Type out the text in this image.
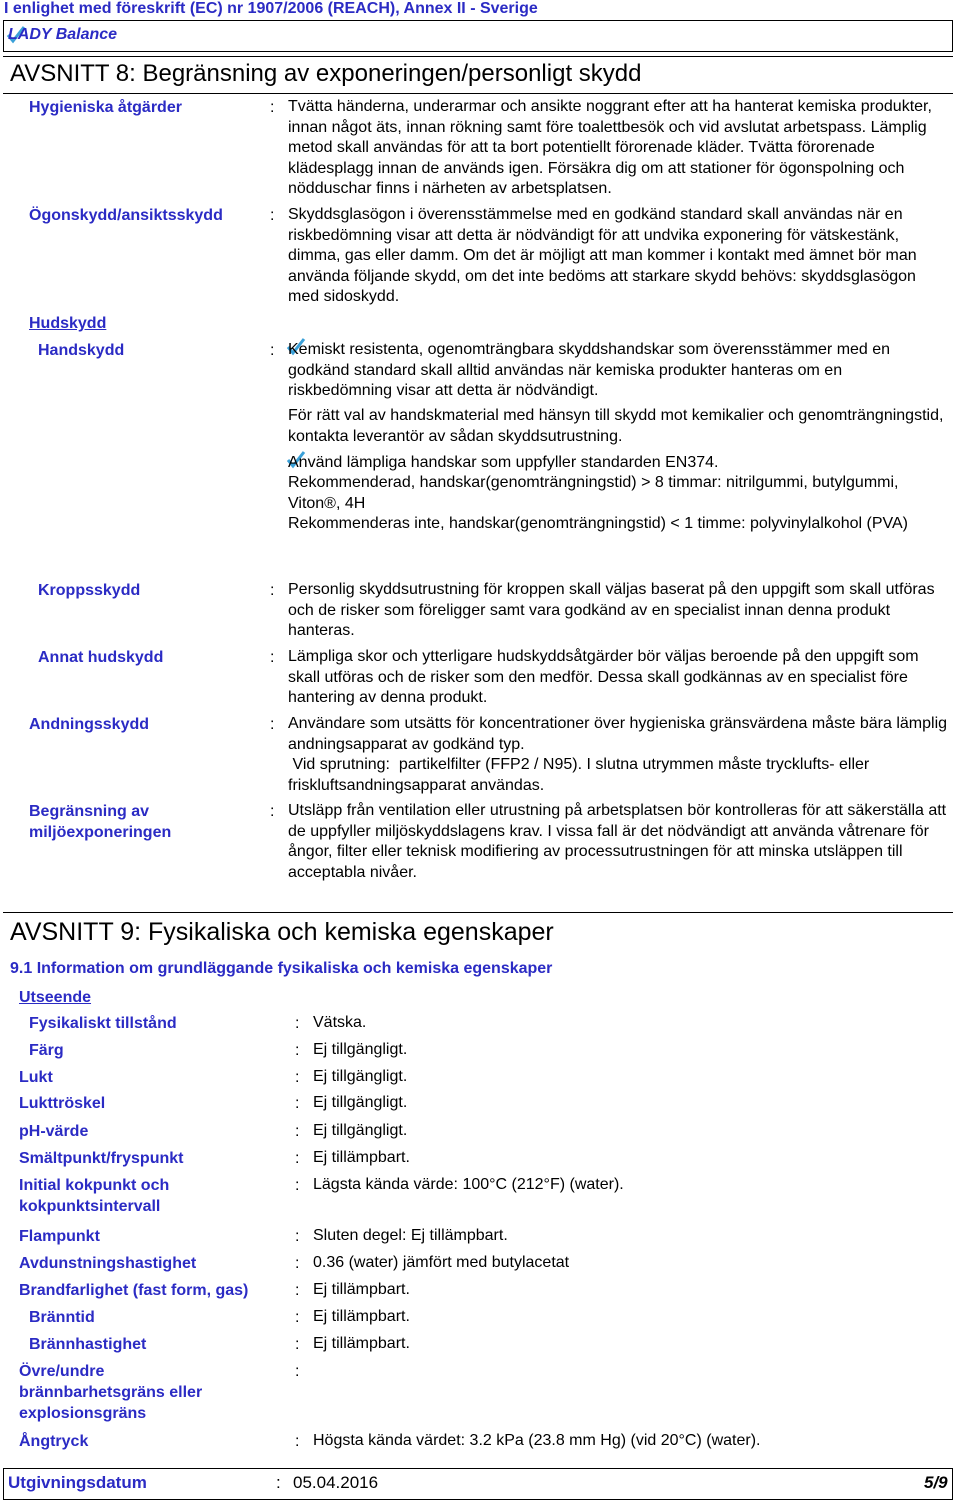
I enlighet med föreskrift (EC) nr 1907/2006 (REACH), Annex II - Sverige
LADY Balance
AVSNITT 8: Begränsning av exponeringen/personligt skydd
Hygieniska åtgärder	: Tvätta händerna, underarmar och ansikte noggrant efter att ha hanterat kemiska produkter, innan något äts, innan rökning samt före toalettbesök och vid avslutat arbetspass. Lämplig metod skall användas för att ta bort potentiellt förorenade kläder. Tvätta förorenade klädesplagg innan de används igen. Försäkra dig om att stationer för ögonspolning och nödduschar finns i närheten av arbetsplatsen.
Ögonskydd/ansiktsskydd	: Skyddsglasögon i överensstämmelse med en godkänd standard skall användas när en riskbedömning visar att detta är nödvändigt för att undvika exponering för vätskestänk, dimma, gas eller damm. Om det är möjligt att man kommer i kontakt med ämnet bör man använda följande skydd, om det inte bedöms att starkare skydd behövs: skyddsglasögon med sidoskydd.
Hudskydd
Handskydd	: Kemiskt resistenta, ogenomträngbara skyddshandskar som överensstämmer med en godkänd standard skall alltid användas när kemiska produkter hanteras om en riskbedömning visar att detta är nödvändigt.
För rätt val av handskmaterial med hänsyn till skydd mot kemikalier och genomträngningstid, kontakta leverantör av sådan skyddsutrustning.
Använd lämpliga handskar som uppfyller standarden EN374.
Rekommenderad, handskar(genomträngningstid) > 8 timmar: nitrilgummi, butylgummi, Viton®, 4H
Rekommenderas inte, handskar(genomträngningstid) < 1 timme: polyvinylalkohol (PVA)
Kroppsskydd	: Personlig skyddsutrustning för kroppen skall väljas baserat på den uppgift som skall utföras och de risker som föreligger samt vara godkänd av en specialist innan denna produkt hanteras.
Annat hudskydd	: Lämpliga skor och ytterligare hudskyddsåtgärder bör väljas beroende på den uppgift som skall utföras och de risker som den medför. Dessa skall godkännas av en specialist före hantering av denna produkt.
Andningsskydd	: Användare som utsätts för koncentrationer över hygieniska gränsvärdena måste bära lämplig andningsapparat av godkänd typ.
Vid sprutning:  partikelfilter (FFP2 / N95). I slutna utrymmen måste trycklufts- eller friskluftsandningsapparat användas.
Begränsning av miljöexponeringen
: Utsläpp från ventilation eller utrustning på arbetsplatsen bör kontrolleras för att säkerställa att de uppfyller miljöskyddslagens krav. I vissa fall är det nödvändigt att använda våtrenare för ångor, filter eller teknisk modifiering av processutrustningen för att minska utsläppen till acceptabla nivåer.
AVSNITT 9: Fysikaliska och kemiska egenskaper
9.1 Information om grundläggande fysikaliska och kemiska egenskaper
Utseende
Fysikaliskt tillstånd	: Vätska.
Färg	: Ej tillgängligt.
Lukt	: Ej tillgängligt.
Lukttröskel	: Ej tillgängligt.
pH-värde	: Ej tillgängligt.
Smältpunkt/fryspunkt	: Ej tillämpbart.
Initial kokpunkt och kokpunktsintervall
: Lägsta kända värde: 100°C (212°F) (water).
Flampunkt	: Sluten degel: Ej tillämpbart.
Avdunstningshastighet	: 0.36 (water) jämfört med butylacetat
Brandfarlighet (fast form, gas)	: Ej tillämpbart.
Bränntid	: Ej tillämpbart.
Brännhastighet	: Ej tillämpbart.
Övre/undre brännbarhetsgräns eller explosionsgräns
:
Ångtryck	: Högsta kända värdet: 3.2 kPa (23.8 mm Hg) (vid 20°C) (water).
Utgivningsdatum	: 05.04.2016	5/9
